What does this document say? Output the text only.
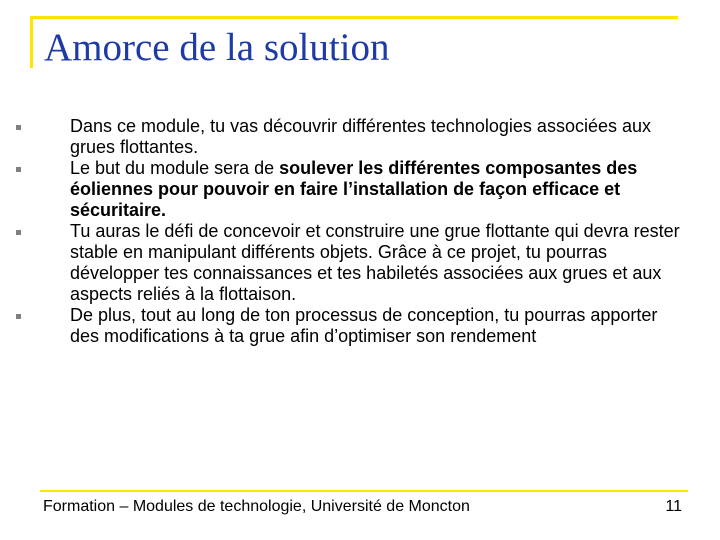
Amorce de la solution
Dans ce module, tu vas découvrir différentes technologies associées aux grues flottantes.
Le but du module sera de soulever les différentes composantes des éoliennes pour pouvoir en faire l’installation de façon efficace et sécuritaire.
Tu auras le défi de concevoir et construire une grue flottante qui devra rester stable en manipulant différents objets. Grâce à ce projet, tu pourras développer tes connaissances et tes habiletés associées aux grues et aux aspects reliés à la flottaison.
De plus, tout au long de ton processus de conception, tu pourras apporter des modifications à ta grue afin d’optimiser son rendement
Formation – Modules de technologie, Université de Moncton	11
